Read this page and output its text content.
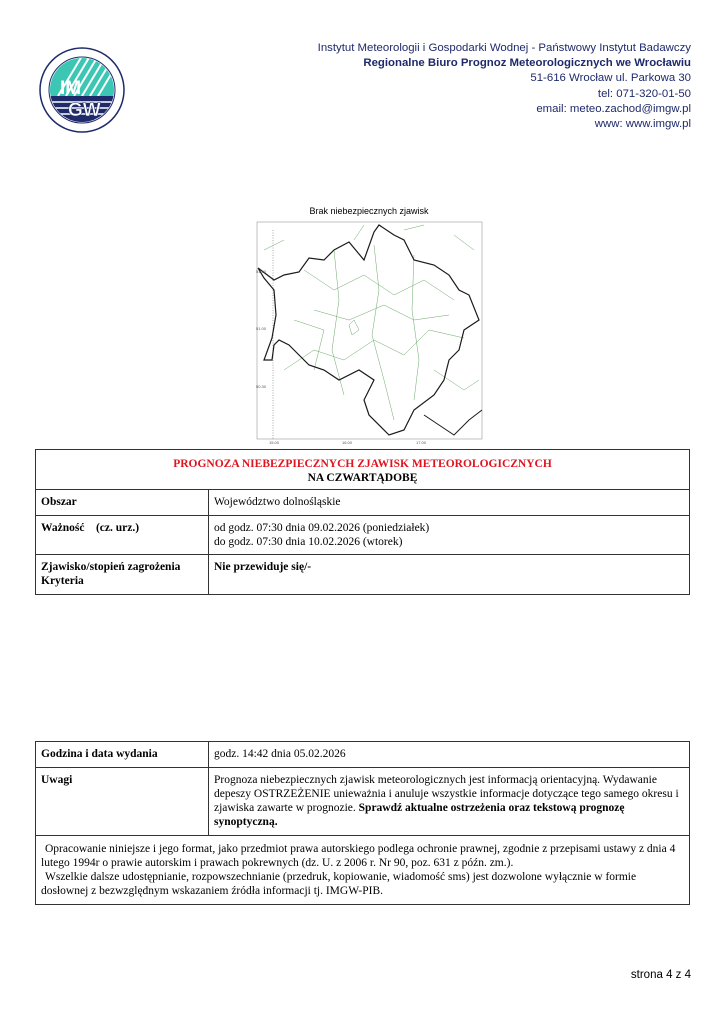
IM
GW
Instytut Meteorologii i Gospodarki Wodnej - Państwowy Instytut Badawczy
Regionalne Biuro Prognoz Meteorologicznych we Wrocławiu
51-616 Wrocław ul. Parkowa 30
tel: 071-320-01-50
email: meteo.zachod@imgw.pl
www: www.imgw.pl
Brak niebezpiecznych zjawisk
51.30
51.00
50.30
15.00	16.00	17.00
PROGNOZA NIEBEZPIECZNYCH ZJAWISK METEOROLOGICZNYCH
NA CZWARTĄDOBĘ	

Obszar	Województwo dolnośląskie
Ważność    (cz. urz.)	od godz. 07:30 dnia 09.02.2026 (poniedziałek)
do godz. 07:30 dnia 10.02.2026 (wtorek)

Zjawisko/stopień zagrożenia
Kryteria	Nie przewiduje się/-
Godzina i data wydania	godz. 14:42 dnia 05.02.2026
Uwagi	Prognoza niebezpiecznych zjawisk meteorologicznych jest informacją orientacyjną. Wydawanie depeszy OSTRZEŻENIE unieważnia i anuluje wszystkie informacje dotyczące tego samego okresu i zjawiska zawarte w prognozie. Sprawdź aktualne ostrzeżenia oraz tekstową prognozę synoptyczną.

Opracowanie niniejsze i jego format, jako przedmiot prawa autorskiego podlega ochronie prawnej, zgodnie z przepisami ustawy z dnia 4 lutego 1994r o prawie autorskim i prawach pokrewnych (dz. U. z 2006 r. Nr 90, poz. 631 z późn. zm.).
Wszelkie dalsze udostępnianie, rozpowszechnianie (przedruk, kopiowanie, wiadomość sms) jest dozwolone wyłącznie w formie dosłownej z bezwzględnym wskazaniem źródła informacji tj. IMGW-PIB.	
strona 4 z 4
